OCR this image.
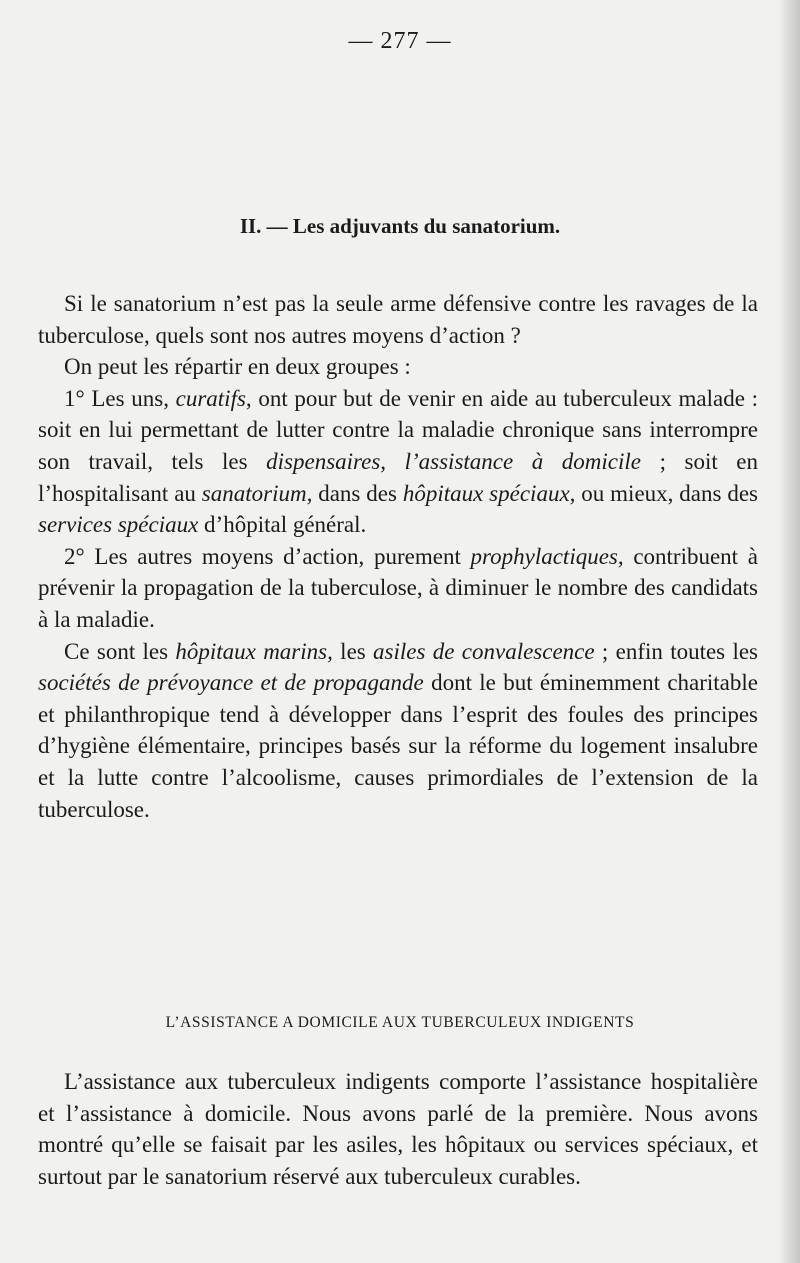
— 277 —
II. — Les adjuvants du sanatorium.

Si le sanatorium n’est pas la seule arme défensive contre les ravages de la tuberculose, quels sont nos autres moyens d’action ?

On peut les répartir en deux groupes :

1° Les uns, curatifs, ont pour but de venir en aide au tuberculeux malade : soit en lui permettant de lutter contre la maladie chronique sans interrompre son travail, tels les dispensaires, l’assistance à domicile ; soit en l’hospitalisant au sanatorium, dans des hôpitaux spéciaux, ou mieux, dans des services spéciaux d’hôpital général.

2° Les autres moyens d’action, purement prophylactiques, contribuent à prévenir la propagation de la tuberculose, à diminuer le nombre des candidats à la maladie.

Ce sont les hôpitaux marins, les asiles de convalescence ; enfin toutes les sociétés de prévoyance et de propagande dont le but éminemment charitable et philanthropique tend à développer dans l’esprit des foules des principes d’hygiène élémentaire, principes basés sur la réforme du logement insalubre et la lutte contre l’alcoolisme, causes primordiales de l’extension de la tuberculose.

L’ASSISTANCE A DOMICILE AUX TUBERCULEUX INDIGENTS

L’assistance aux tuberculeux indigents comporte l’assistance hospitalière et l’assistance à domicile. Nous avons parlé de la première. Nous avons montré qu’elle se faisait par les asiles, les hôpitaux ou services spéciaux, et surtout par le sanatorium réservé aux tuberculeux curables.
